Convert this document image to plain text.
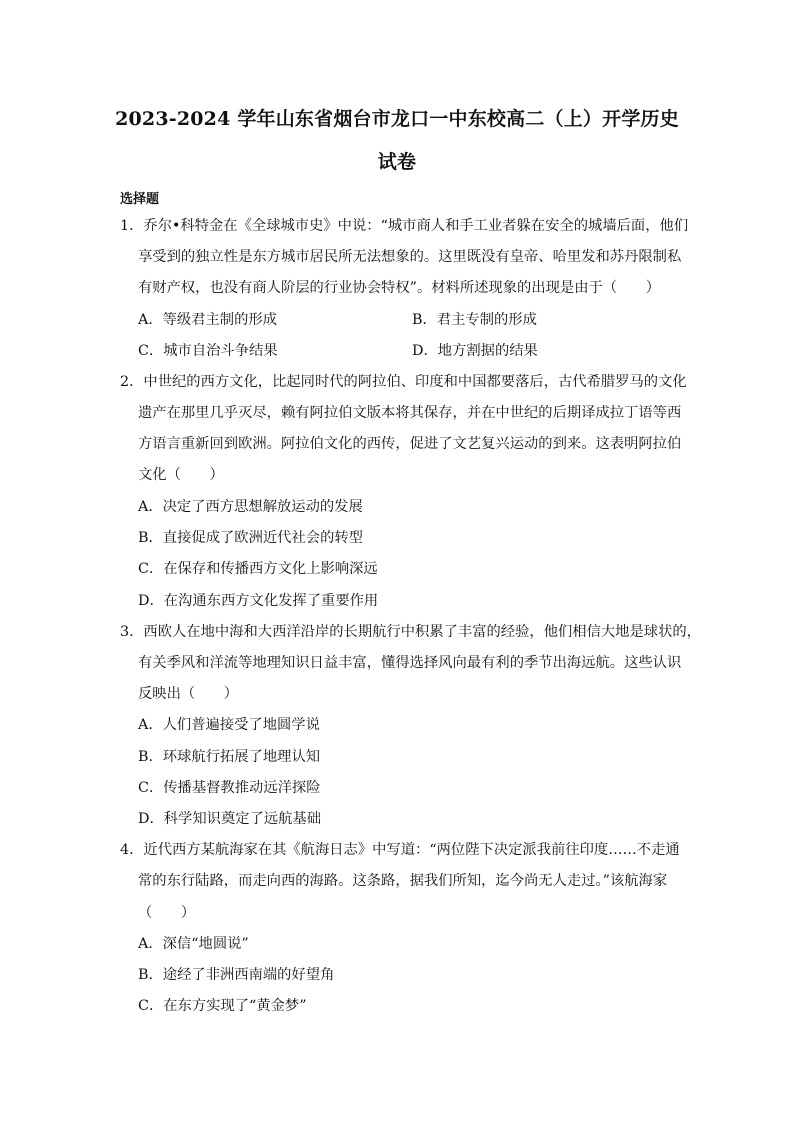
2023-2024 学年山东省烟台市龙口一中东校高二（上）开学历史
试卷
选择题
1．乔尔•科特金在《全球城市史》中说：“城市商人和手工业者躲在安全的城墙后面，他们
享受到的独立性是东方城市居民所无法想象的。这里既没有皇帝、哈里发和苏丹限制私
有财产权，也没有商人阶层的行业协会特权”。材料所述现象的出现是由于（　　）
A．等级君主制的形成	B．君主专制的形成
C．城市自治斗争结果	D．地方割据的结果
2．中世纪的西方文化，比起同时代的阿拉伯、印度和中国都要落后，古代希腊罗马的文化
遗产在那里几乎灭尽，赖有阿拉伯文版本将其保存，并在中世纪的后期译成拉丁语等西
方语言重新回到欧洲。阿拉伯文化的西传，促进了文艺复兴运动的到来。这表明阿拉伯
文化（　　）
A．决定了西方思想解放运动的发展
B．直接促成了欧洲近代社会的转型
C．在保存和传播西方文化上影响深远
D．在沟通东西方文化发挥了重要作用
3．西欧人在地中海和大西洋沿岸的长期航行中积累了丰富的经验，他们相信大地是球状的，
有关季风和洋流等地理知识日益丰富，懂得选择风向最有利的季节出海远航。这些认识
反映出（　　）
A．人们普遍接受了地圆学说
B．环球航行拓展了地理认知
C．传播基督教推动远洋探险
D．科学知识奠定了远航基础
4．近代西方某航海家在其《航海日志》中写道：“两位陛下决定派我前往印度……不走通
常的东行陆路，而走向西的海路。这条路，据我们所知，迄今尚无人走过。”该航海家
（　　）
A．深信“地圆说”
B．途经了非洲西南端的好望角
C．在东方实现了“黄金梦”
